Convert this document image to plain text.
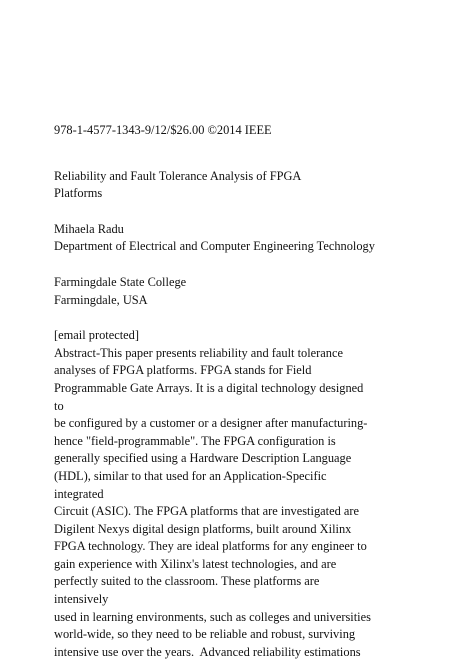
978-1-4577-1343-9/12/$26.00 ©2014 IEEE
Reliability and Fault Tolerance Analysis of FPGA
Platforms
Mihaela Radu
Department of Electrical and Computer Engineering Technology
Farmingdale State College
Farmingdale, USA
[email protected]
Abstract-This paper presents reliability and fault tolerance
analyses of FPGA platforms. FPGA stands for Field
Programmable Gate Arrays. It is a digital technology designed
to
be configured by a customer or a designer after manufacturing-
hence "field-programmable". The FPGA configuration is
generally specified using a Hardware Description Language
(HDL), similar to that used for an Application-Specific
integrated
Circuit (ASIC). The FPGA platforms that are investigated are
Digilent Nexys digital design platforms, built around Xilinx
FPGA technology. They are ideal platforms for any engineer to
gain experience with Xilinx's latest technologies, and are
perfectly suited to the classroom. These platforms are
intensively
used in learning environments, such as colleges and universities
world-wide, so they need to be reliable and robust, surviving
intensive use over the years.  Advanced reliability estimations
